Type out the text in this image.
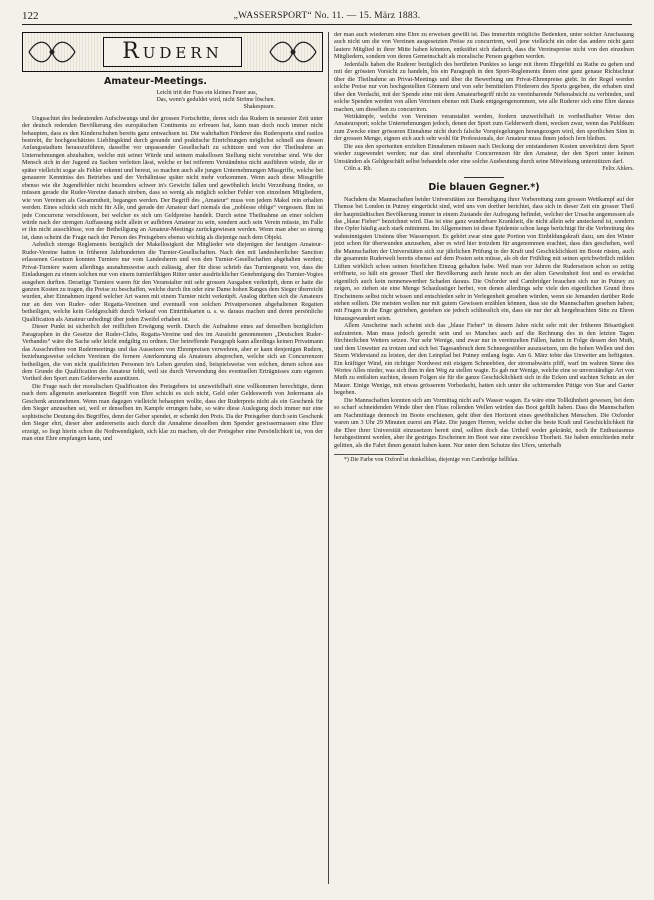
122	„WASSERSPORT“ No. 11. — 15. März 1883.
Rudern
Amateur-Meetings.
Leicht tritt der Fuss ein kleines Feuer aus,
Das, wenn's geduldet wird, nicht Ströme löschen.
Shakespeare.

Ungeachtet des bedeutenden Aufschwungs und der grossen Fortschritte, deren sich das Rudern in neuester Zeit unter der deutsch redenden Bevölkerung des europäischen Continents zu erfreuen hat, kann man doch noch immer nicht behaupten, dass es den Kinderschuhen bereits ganz entwachsen ist. Die wahrhaften Förderer des Rudersports sind rastlos bestrebt, ihr hochgeschätztes Lieblingskind durch gesunde und praktische Einrichtungen möglichst schnell aus dessen Anfangsstadium herauszuführen, dasselbe vor unpassender Gesellschaft zu schützen und von der Theilnahme an Unternehmungen abzuhalten, welche mit seiner Würde und seinem makellosen Stellung nicht vereinbar sind. Wie der Mensch sich in der Jugend zu Sachen verleiten lässt, welche er bei reiferem Verständniss nicht ausführen würde, die er später vielleicht sogar als Fehler erkennt und bereut, so machen auch alle jungen Unternehmungen Missgriffe, welche bei genauerer Kenntniss des Betriebes und der Verhältnisse später nicht mehr vorkommen. Wenn auch diese Missgriffe ebenso wie die Jugendfehler nicht besonders schwer in's Gewicht fallen und gewöhnlich leicht Verzeihung finden, so müssen gerade die Ruder-Vereine danach streben, dass so wenig als möglich solcher Fehler von einzelnen Mitgliedern, wie von Vereinen als Gesammtheit, begangen werden. Der Begriff des „Amateur“ muss von jedem Makel rein erhalten werden. Eines schickt sich nicht für Alle, und gerade der Amateur darf niemals das „noblesse oblige“ vergessen. Ihm ist jede Concurrenz verschlossen, bei welcher es sich um Geldpreise handelt. Durch seine Theilnahme an einer solchen würde nach der strengen Auffassung nicht allein er aufhören Amateur zu sein, sondern auch sein Verein müsste, im Falle er ihn nicht ausschlösse, von der Betheiligung an Amateur-Meetings zurückgewiesen werden. Wenn man aber so streng ist, dann scheint die Frage nach der Person des Preisgebers ebenso wichtig als diejenige nach dem Objekt.

Aehnlich strenge Reglements bezüglich der Makellosigkeit der Mitglieder wie diejenigen der heutigen Amateur-Ruder-Vereine hatten in früheren Jahrhunderten die Turnier-Gesellschaften. Nach den mit landesherrlicher Sanction erlassenen Gesetzen konnten Turniere nur vom Landesherrn und von den Turnier-Gesellschaften abgehalten werden; Privat-Turniere waren allerdings ausnahmsweise auch zulässig, aber für diese schrieb das Turniergesetz vor, dass die Einladungen zu einem solchen nur von einem turnierfähigen Ritter unter ausdrücklicher Genehmigung des Turnier-Vogtes ausgehen durften. Derartige Turniere waren für den Veranstalter mit sehr grossen Ausgaben verknüpft, denn er hatte die ganzen Kosten zu tragen, die Preise zu beschaffen, welche durch ihn oder eine Dame hohen Ranges dem Sieger überreicht wurden, aber Einnahmen irgend welcher Art waren mit einem Turnier nicht verknüpft. Analog dürften sich die Amateurs nur an den von Ruder- oder Regatta-Vereinen und eventuell von solchen Privatpersonen abgehaltenen Regatten betheiligen, welche kein Geldgeschäft durch Verkauf von Eintrittskarten u. s. w. daraus machen und deren persönliche Qualification als Amateur unbedingt über jeden Zweifel erhaben ist.

Dieser Punkt ist sicherlich der reiflichen Erwägung werth. Durch die Aufnahme eines auf denselben bezüglichen Paragraphen in die Gesetze der Ruder-Clubs, Regatta-Vereine und des im Aussicht genommenen „Deutschen Ruder-Verbandes“ wäre die Sache sehr leicht endgiltig zu ordnen. Der betreffende Paragraph kann allerdings keinen Privatmann das Ausschreiben von Rudermeetings und das Aussetzen von Ehrenpreisen verwehren, aber er kann denjenigen Rudern, beziehungsweise solchen Vereinen die fernere Anerkennung als Amateurs absprechen, welche sich an Concurrenzen betheiligen, die von nicht qualificirten Personen in's Leben gerufen sind, beispielsweise von solchen, denen schon aus dem Grunde die Qualification des Amateur fehlt, weil sie durch Verwendung des eventuellen Erträgnisses zum eigenen Vortheil den Sport zum Gelderwerbe ausnützen.

Die Frage nach der moralischen Qualification des Preisgebers ist unzweifelhaft eine vollkommen berechtigte, denn nach dem allgemein anerkannten Begriff von Ehre schickt es sich nicht, Geld oder Geldeswerth von Jedermann als Geschenk anzunehmen. Wenn man dagegen vielleicht behaupten wollte, dass der Ruderpreis nicht als ein Geschenk für den Sieger anzusehen sei, weil er denselben im Kampfe errungen habe, so wäre diese Auslegung doch immer nur eine sophistische Deutung des Begriffes, denn der Geber spendet, er schenkt den Preis. Da der Preisgeber durch sein Geschenk den Sieger ehrt, dieser aber andererseits auch durch die Annahme desselben dem Spender gewissermassen eine Ehre erzeigt, so liegt hierin schon die Nothwendigkeit, sich klar zu machen, ob der Preisgeber eine Persönlichkeit ist, von der man eine Ehre empfangen kann, und

der man auch wiederum eine Ehre zu erweisen gewillt ist. Das immerhin mögliche Bedenken, unter solcher Anschauung auch nicht um die von Vereinen ausgesetzten Preise zu concurriren, weil jene vielleicht ein oder das andere nicht ganz lautere Mitglied in ihrer Mitte haben könnten, entkräftet sich dadurch, dass die Vereinspreise nicht von den einzelnen Mitgliedern, sondern von deren Gemeinschaft als moralische Person gegeben werden.

Jedenfalls haben die Ruderer bezüglich des berührten Punktes so lange mit ihrem Ehrgefühl zu Rathe zu gehen und mit der grössten Vorsicht zu handeln, bis ein Paragraph in den Sport-Reglements ihnen eine ganz genaue Richtschnur über die Theilnahme an Privat-Meetings und über die Bewerbung um Privat-Ehrenpreise giebt. In der Regel werden solche Preise nur von hochgestellten Gönnern und von sehr bemittelten Förderern des Sports gegeben, die erhaben sind über den Verdacht, mit der Spende eine mit dem Amateurbegriff nicht zu vereinbarende Nebenabsicht zu verbinden, und solche Spenden werden von allen Vereinen ebenso mit Dank entgegengenommen, wie alle Ruderer sich eine Ehre daraus machen, um dieselben zu concurriren.

Wettkämpfe, welche von Vereinen veranstaltet werden, fordern unzweifelhaft in vortheilhafter Weise den Amateursport; solche Unternehmungen jedoch, denen der Sport zum Gelderwerb dient, wecken zwar, wenn das Publikum zum Zwecke einer grösseren Einnahme nicht durch falsche Vorspiegelungen herangezogen wird, den sportlichen Sinn in der grossen Menge, eignen sich auch sehr wohl für Professionals, der Amateur muss ihnen jedoch fern bleiben.

Die aus den sportseiten erzielten Einnahmen müssen nach Deckung der entstandenen Kosten unverkürzt dem Sport wieder zugewendet werden; nur das sind ehrenhafte Concurrenzen für den Amateur, der den Sport unter keinen Umständen als Geldgeschäft selbst behandeln oder eine solche Ausbeutung durch seine Mitwirkung unterstützen darf.

Cöln a. Rh.	Felix Ahlers.
Die blauen Gegner.*)

Nachdem die Mannschaften beider Universitäten zur Beendigung ihrer Vorbereitung zum grossen Wettkampf auf der Themse bei London in Putney eingerückt sind, wird uns von dorther berichtet, dass sich in dieser Zeit ein grosser Theil der hauptstädtischen Bevölkerung immer in einem Zustande der Aufregung befindet, welcher der Ursache angemessen als das „blaue Fieber“ bezeichnet wird. Das ist eine ganz wunderbare Krankheit, die nicht allein sehr ansteckend ist, sondern ihre Opfer häufig auch stark mitnimmt. Im Allgemeinen ist diese Epidemie schon lange berüchtigt für die Verbreitung des wahnsinnigsten Unsinns über Wassersport. Es gehört zwar eine gute Portion von Einbildungskraft dazu, um den Winter jetzt schon für überwunden anzusehen, aber es wird hier trotzdem für angenommen erachtet, dass dies geschehen, weil die Mannschaften der Universitäten sich zur jährlichen Prüfung in der Kraft und Geschicklichkeit im Boote rüsten, auch die gesammte Ruderwelt bereits ebenso auf dem Posten sein müsse, als ob der Frühling mit seinen sprichwörtlich milden Lüften wirklich schon seinen feierlichen Einzug gehalten habe. Weil man vor Jahren die Ruderseison schon so zeitig eröffnete, so hält ein grosser Theil der Bevölkerung auch heute noch an der alten Gewohnheit fest und es erwächst eigentlich auch kein nennenswerther Schaden daraus. Die Oxforder und Cambridger brauchen sich nur in Putney zu zeigen, so ziehen sie eine Menge Schaulustiger herbei, von denen allerdings sehr viele den eigentlichen Grund ihres Erscheinens selbst nicht wissen und entschieden sehr in Verlegenheit gerathen würden, wenn sie Jemanden darüber Rede stehen sollten. Die meisten wollen nur mit gutem Gewissen erzählen können, dass sie die Mannschaften gesehen haben; mit Fragen in die Enge getrieben, gestehen sie jedoch schliesslich ein, dass sie nur der alt hergebrachten Sitte zu Ehren hinausgewandert seien.

Allem Anscheine nach scheint sich das „blaue Fieber“ in diesem Jahre nicht sehr mit der früheren Bösartigkeit aufzutreten. Man muss jedoch gerecht sein und so Manches auch auf die Rechnung des in den letzten Tagen fürchterlichen Wetters setzen. Nur sehr Wenige, und zwar nur in vereinzelten Fällen, hatten in Folge dessen den Muth, und dem Unwetter zu trotzen und sich bei Tagesanbruch dem Schneegestöber auszusetzen, um die hohen Wellen und den Sturm Widerstand zu leisten, der den Leinpfad bei Putney entlang fegte. Am 6. März tobte das Unwetter am heftigsten. Ein kräftiger Wind, ein richtiger Nordwest mit eisigem Schneeböen, der stromabwärts pfiff, warf im wahren Sinne des Wortes Alles nieder, was sich ihm in den Weg zu stellen wagte. Es gab nur Wenige, welche eine so unverständige Art von Muth zu entfalten suchten, dessen Folgen sie für die ganze Geschicklichkeit sich in die Ecken und suchten Schutz an der Mauer. Einige Wenige, mit etwas grösserem Vorbedacht, hatten sich unter die schirmenden Pittige von Star and Garter begeben.

Die Mannschaften konnten sich am Vormittag nicht auf's Wasser wagen. Es wäre eine Tollkühnheit gewesen, bei dem so scharf schneidenden Winde über den Fluss rollenden Wellen würden das Boot gefüllt haben. Dass die Mannschaften am Nachmittage dennoch im Boote erschienen, geht über den Horizont eines gewöhnlichen Menschen. Die Oxforder waren um 3 Uhr 29 Minuten zuerst am Platz. Die jungen Herren, welche sicher die beste Kraft und Geschicklichkeit für die Ehre ihrer Universität einzusetzen bereit sind, sollten doch das Urtheil weder gekränkt, noch ihr Enthusiasmus herabgestimmt werden, aber ihr gestriges Erscheinen im Boot war eine zwecklose Thorheit. Sie haben entschieden mehr gelitten, als die Fahrt ihnen genutzt haben kann. Nur unter dem Schutze des Ufers, unterhalb

*) Die Farbe von Oxford ist dunkelblau, diejenige von Cambridge hellblau.
